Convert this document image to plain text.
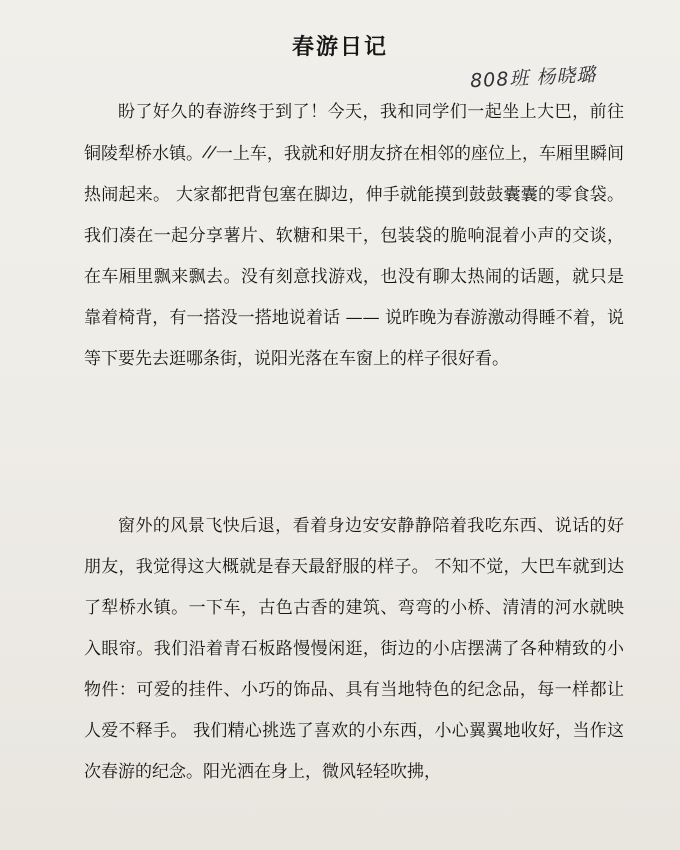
春游日记
808班 杨晓璐

盼了好久的春游终于到了！今天，我和同学们一起坐上大巴，前往铜陵犁桥水镇。//一上车，我就和好朋友挤在相邻的座位上，车厢里瞬间热闹起来。 大家都把背包塞在脚边，伸手就能摸到鼓鼓囊囊的零食袋。我们凑在一起分享薯片、软糖和果干，包装袋的脆响混着小声的交谈，在车厢里飘来飘去。没有刻意找游戏，也没有聊太热闹的话题，就只是靠着椅背，有一搭没一搭地说着话 —— 说昨晚为春游激动得睡不着，说等下要先去逛哪条街，说阳光落在车窗上的样子很好看。

窗外的风景飞快后退，看着身边安安静静陪着我吃东西、说话的好朋友，我觉得这大概就是春天最舒服的样子。 不知不觉，大巴车就到达了犁桥水镇。一下车，古色古香的建筑、弯弯的小桥、清清的河水就映入眼帘。我们沿着青石板路慢慢闲逛，街边的小店摆满了各种精致的小物件：可爱的挂件、小巧的饰品、具有当地特色的纪念品，每一样都让人爱不释手。 我们精心挑选了喜欢的小东西，小心翼翼地收好，当作这次春游的纪念。阳光洒在身上，微风轻轻吹拂，
